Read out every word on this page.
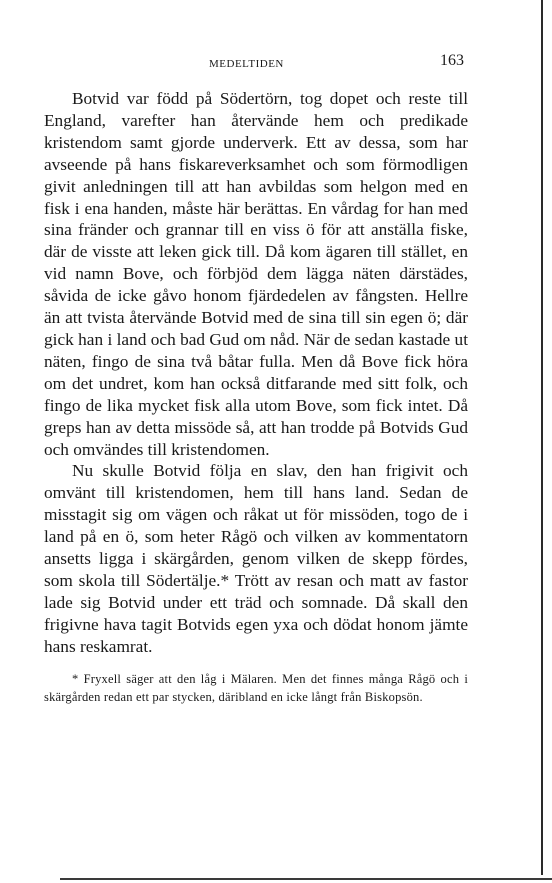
MEDELTIDEN	163

Botvid var född på Södertörn, tog dopet och reste till England, varefter han återvände hem och predikade kristendom samt gjorde underverk. Ett av dessa, som har avseende på hans fiskareverksamhet och som förmodligen givit anledningen till att han avbildas som helgon med en fisk i ena handen, måste här berättas. En vårdag for han med sina fränder och grannar till en viss ö för att anställa fiske, där de visste att leken gick till. Då kom ägaren till stället, en vid namn Bove, och förbjöd dem lägga näten därstädes, såvida de icke gåvo honom fjärdedelen av fångsten. Hellre än att tvista återvände Botvid med de sina till sin egen ö; där gick han i land och bad Gud om nåd. När de sedan kastade ut näten, fingo de sina två båtar fulla. Men då Bove fick höra om det undret, kom han också ditfarande med sitt folk, och fingo de lika mycket fisk alla utom Bove, som fick intet. Då greps han av detta missöde så, att han trodde på Botvids Gud och omvändes till kristendomen.

Nu skulle Botvid följa en slav, den han frigivit och omvänt till kristendomen, hem till hans land. Sedan de misstagit sig om vägen och råkat ut för missöden, togo de i land på en ö, som heter Rågö och vilken av kommentatorn ansetts ligga i skärgården, genom vilken de skepp fördes, som skola till Södertälje.* Trött av resan och matt av fastor lade sig Botvid under ett träd och somnade. Då skall den frigivne hava tagit Botvids egen yxa och dödat honom jämte hans reskamrat.

* Fryxell säger att den låg i Mälaren. Men det finnes många Rågö och i skärgården redan ett par stycken, däribland en icke långt från Biskopsön.
